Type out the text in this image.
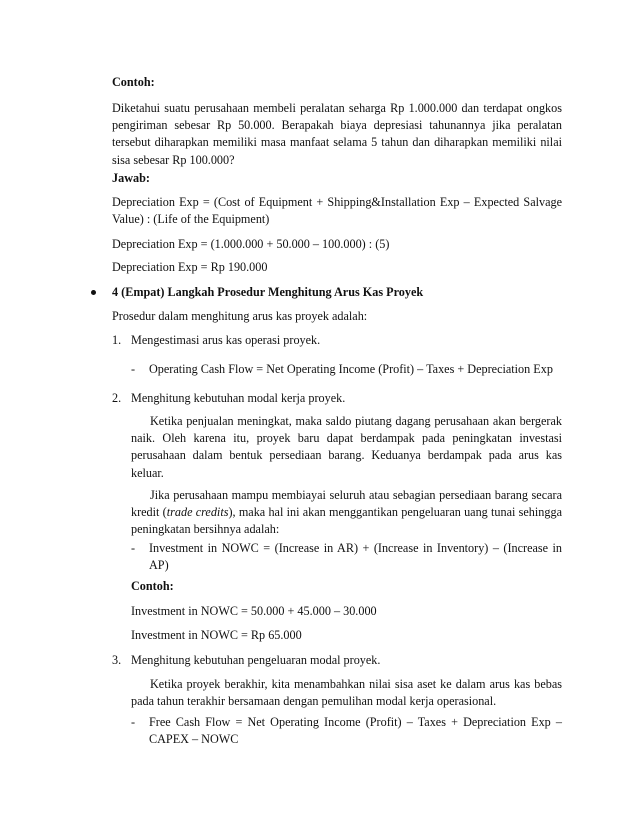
Contoh:

Diketahui suatu perusahaan membeli peralatan seharga Rp 1.000.000 dan terdapat ongkos pengiriman sebesar Rp 50.000. Berapakah biaya depresiasi tahunannya jika peralatan tersebut diharapkan memiliki masa manfaat selama 5 tahun dan diharapkan memiliki nilai sisa sebesar Rp 100.000?

Jawab:

Depreciation Exp = (Cost of Equipment + Shipping&Installation Exp – Expected Salvage Value) : (Life of the Equipment)

Depreciation Exp = (1.000.000 + 50.000 – 100.000) : (5)

Depreciation Exp = Rp 190.000

4 (Empat) Langkah Prosedur Menghitung Arus Kas Proyek

Prosedur dalam menghitung arus kas proyek adalah:

1. Mengestimasi arus kas operasi proyek.

- Operating Cash Flow = Net Operating Income (Profit) – Taxes + Depreciation Exp

2. Menghitung kebutuhan modal kerja proyek.

Ketika penjualan meningkat, maka saldo piutang dagang perusahaan akan bergerak naik. Oleh karena itu, proyek baru dapat berdampak pada peningkatan investasi perusahaan dalam bentuk persediaan barang. Keduanya berdampak pada arus kas keluar.

Jika perusahaan mampu membiayai seluruh atau sebagian persediaan barang secara kredit (trade credits), maka hal ini akan menggantikan pengeluaran uang tunai sehingga peningkatan bersihnya adalah:

- Investment in NOWC = (Increase in AR) + (Increase in Inventory) – (Increase in AP)

Contoh:

Investment in NOWC = 50.000 + 45.000 – 30.000

Investment in NOWC = Rp 65.000

3. Menghitung kebutuhan pengeluaran modal proyek.

Ketika proyek berakhir, kita menambahkan nilai sisa aset ke dalam arus kas bebas pada tahun terakhir bersamaan dengan pemulihan modal kerja operasional.

- Free Cash Flow = Net Operating Income (Profit) – Taxes + Depreciation Exp – CAPEX – NOWC
